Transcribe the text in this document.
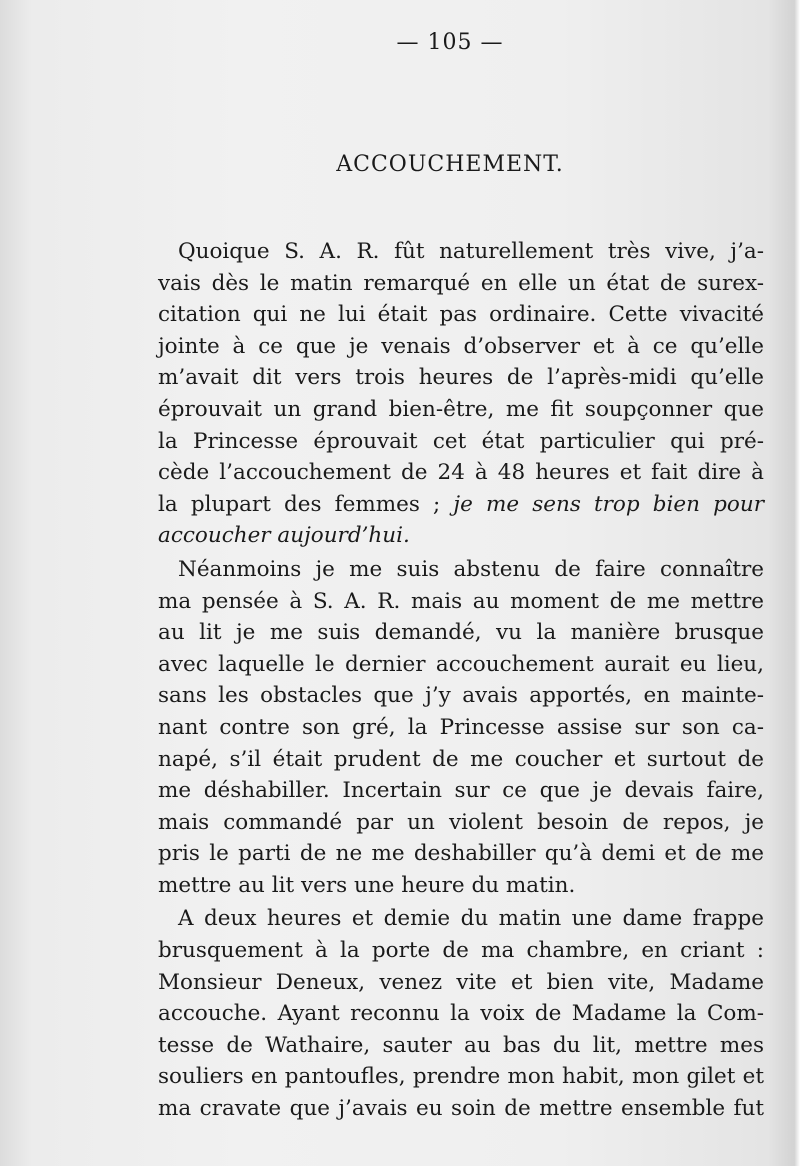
— 105 —
ACCOUCHEMENT.
Quoique S. A. R. fût naturellement très vive, j’a-
vais dès le matin remarqué en elle un état de surex-
citation qui ne lui était pas ordinaire. Cette vivacité
jointe à ce que je venais d’observer et à ce qu’elle
m’avait dit vers trois heures de l’après-midi qu’elle
éprouvait un grand bien-être, me fit soupçonner que
la Princesse éprouvait cet état particulier qui pré-
cède l’accouchement de 24 à 48 heures et fait dire à
la plupart des femmes ; je me sens trop bien pour
accoucher aujourd’hui.
Néanmoins je me suis abstenu de faire connaître
ma pensée à S. A. R. mais au moment de me mettre
au lit je me suis demandé, vu la manière brusque
avec laquelle le dernier accouchement aurait eu lieu,
sans les obstacles que j’y avais apportés, en mainte-
nant contre son gré, la Princesse assise sur son ca-
napé, s’il était prudent de me coucher et surtout de
me déshabiller. Incertain sur ce que je devais faire,
mais commandé par un violent besoin de repos, je
pris le parti de ne me deshabiller qu’à demi et de me
mettre au lit vers une heure du matin.
A deux heures et demie du matin une dame frappe
brusquement à la porte de ma chambre, en criant :
Monsieur Deneux, venez vite et bien vite, Madame
accouche. Ayant reconnu la voix de Madame la Com-
tesse de Wathaire, sauter au bas du lit, mettre mes
souliers en pantoufles, prendre mon habit, mon gilet et
ma cravate que j’avais eu soin de mettre ensemble fut
